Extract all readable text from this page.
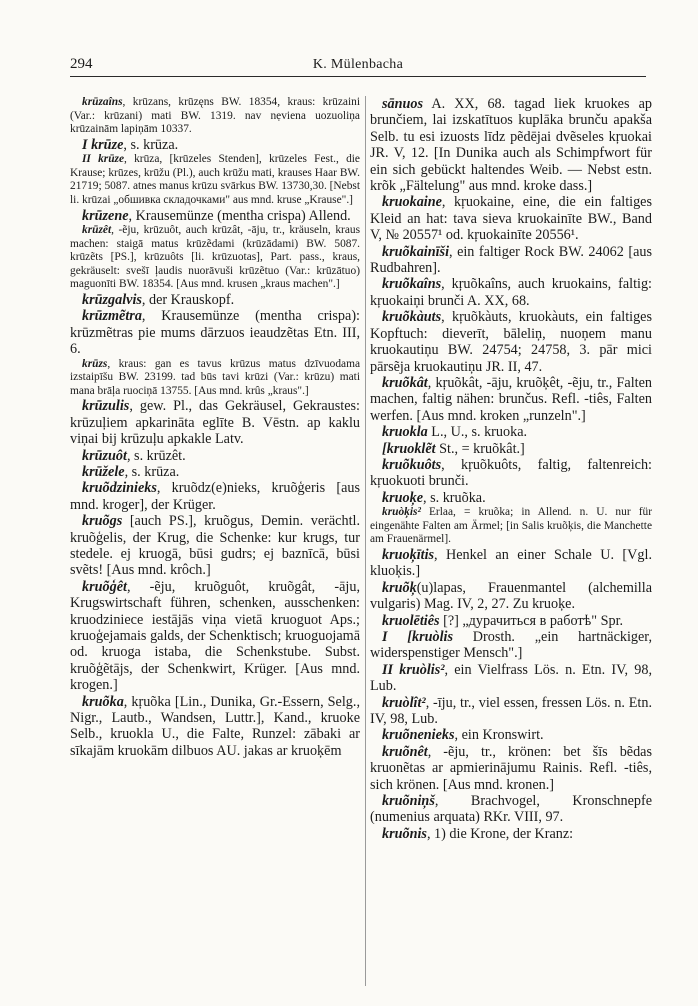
294	K. Mülenbacha

krūzaîns, krūzans, krūzęns BW. 18354, kraus: krūzaini (Var.: krūzani) mati BW. 1319. nav nẹviena uozuoliņa krūzainām lapiņām 10337.

I krūze, s. krūza.

II krūze, krūza, [krūzeles Stenden], krūzeles Fest., die Krause; krūzes, krūžu (Pl.), auch krūžu mati, krauses Haar BW. 21719; 5087. atnes manus krūzu svārkus BW. 13730,30. [Nebst li. krūzai „обшивка складочками" aus mnd. kruse „Krause".]

krūzene, Krausemünze (mentha crispa) Allend.

krūzêt, -ẽju, krūzuôt, auch krūzât, -āju, tr., kräuseln, kraus machen: staigā matus krūzẽdami (krūzādami) BW. 5087. krūzẽts [PS.], krūzuôts [li. krūzuotas], Part. pass., kraus, gekräuselt: svešī ļaudis nuorāvuši krūzẽtuo (Var.: krūzātuo) maguonīti BW. 18354. [Aus mnd. krusen „kraus machen".]

krūzgalvis, der Krauskopf.

krūzmẽtra, Krausemünze (mentha crispa): krūzmẽtras pie mums dārzuos ieaudzẽtas Etn. III, 6.

krūzs, kraus: gan es tavus krūzus matus dzīvuodama izstaipīšu BW. 23199. tad būs tavi krūzi (Var.: krūzu) mati mana brāļa ruociņā 13755. [Aus mnd. krûs „kraus".]

krūzulis, gew. Pl., das Gekräusel, Gekraustes: krūzuļiem apkarināta eglīte B. Vēstn. ap kaklu viņai bij krūzuļu apkakle Latv.

krūzuôt, s. krūzêt.

krūžele, s. krūza.

kruõdzinieks, kruõdz(e)nieks, kruõģeris [aus mnd. kroger], der Krüger.

kruõgs [auch PS.], kruõgus, Demin. verächtl. kruõģelis, der Krug, die Schenke: kur krugs, tur stedele. ej kruogā, būsi gudrs; ej baznīcā, būsi svẽts! [Aus mnd. krôch.]

kruõģêt, -ẽju, kruõguôt, kruõgât, -āju, Krugswirtschaft führen, schenken, ausschenken: kruodziniece iestājās viņa vietā kruoguot Aps.; kruoģejamais galds, der Schenktisch; kruoguojamā od. kruoga istaba, die Schenkstube. Subst. kruõģẽtājs, der Schenkwirt, Krüger. [Aus mnd. krogen.]

kruõka, kŗuõka [Lin., Dunika, Gr.-Essern, Selg., Nigr., Lautb., Wandsen, Luttr.], Kand., kruoke Selb., kruokla U., die Falte, Runzel: zābaki ar sīkajām kruokām dilbuos AU. jakas ar kruoķēm

sānuos A. XX, 68. tagad liek kruokes ap brunčiem, lai izskatītuos kuplāka brunču apakša Selb. tu esi izuosts līdz pẽdējai dvẽseles kŗuokai JR. V, 12. [In Dunika auch als Schimpfwort für ein sich gebückt haltendes Weib. — Nebst estn. krõk „Fältelung" aus mnd. kroke dass.]

kruokaine, kŗuokaine, eine, die ein faltiges Kleid an hat: tava sieva kruokainīte BW., Band V, № 20557¹ od. kŗuokainīte 20556¹.

kruõkainīši, ein faltiger Rock BW. 24062 [aus Rudbahren].

kruõkaîns, kŗuõkaîns, auch kruokains, faltig: kŗuokaiņi brunči A. XX, 68.

kruõkàuts, kŗuõkàuts, kruokàuts, ein faltiges Kopftuch: dieverīt, bāleliņ, nuoņem manu kruokautiņu BW. 24754; 24758, 3. pār mici pārsẽja kruokautiņu JR. II, 47.

kruõkât, kŗuõkât, -āju, kruõķêt, -ẽju, tr., Falten machen, faltig nähen: brunčus. Refl. -tiês, Falten werfen. [Aus mnd. kroken „runzeln".]

kruokla L., U., s. kruoka.

[kruoklẽt St., = kruõkât.]

kruõkuôts, kŗuõkuôts, faltig, faltenreich: kŗuokuoti brunči.

kruoķe, s. kruõka.

kruòķis² Erlaa, = kruõka; in Allend. n. U. nur für eingenähte Falten am Ärmel; [in Salis kruõķis, die Manchette am Frauenärmel].

kruoķītis, Henkel an einer Schale U. [Vgl. kluoķis.]

kruõķ(u)lapas, Frauenmantel (alchemilla vulgaris) Mag. IV, 2, 27. Zu kruoķe.

kruolētiês [?] „дурачиться в работѣ" Spr.

I [kruòlis Drosth. „ein hartnäckiger, widerspenstiger Mensch".]

II kruòlis², ein Vielfrass Lös. n. Etn. IV, 98, Lub.

kruòlît², -īju, tr., viel essen, fressen Lös. n. Etn. IV, 98, Lub.

kruõnenieks, ein Kronswirt.

kruõnêt, -ẽju, tr., krönen: bet šīs bẽdas kruonẽtas ar apmierinājumu Rainis. Refl. -tiês, sich krönen. [Aus mnd. kronen.]

kruõniņš, Brachvogel, Kronschnepfe (numenius arquata) RKr. VIII, 97.

kruõnis, 1) die Krone, der Kranz:
